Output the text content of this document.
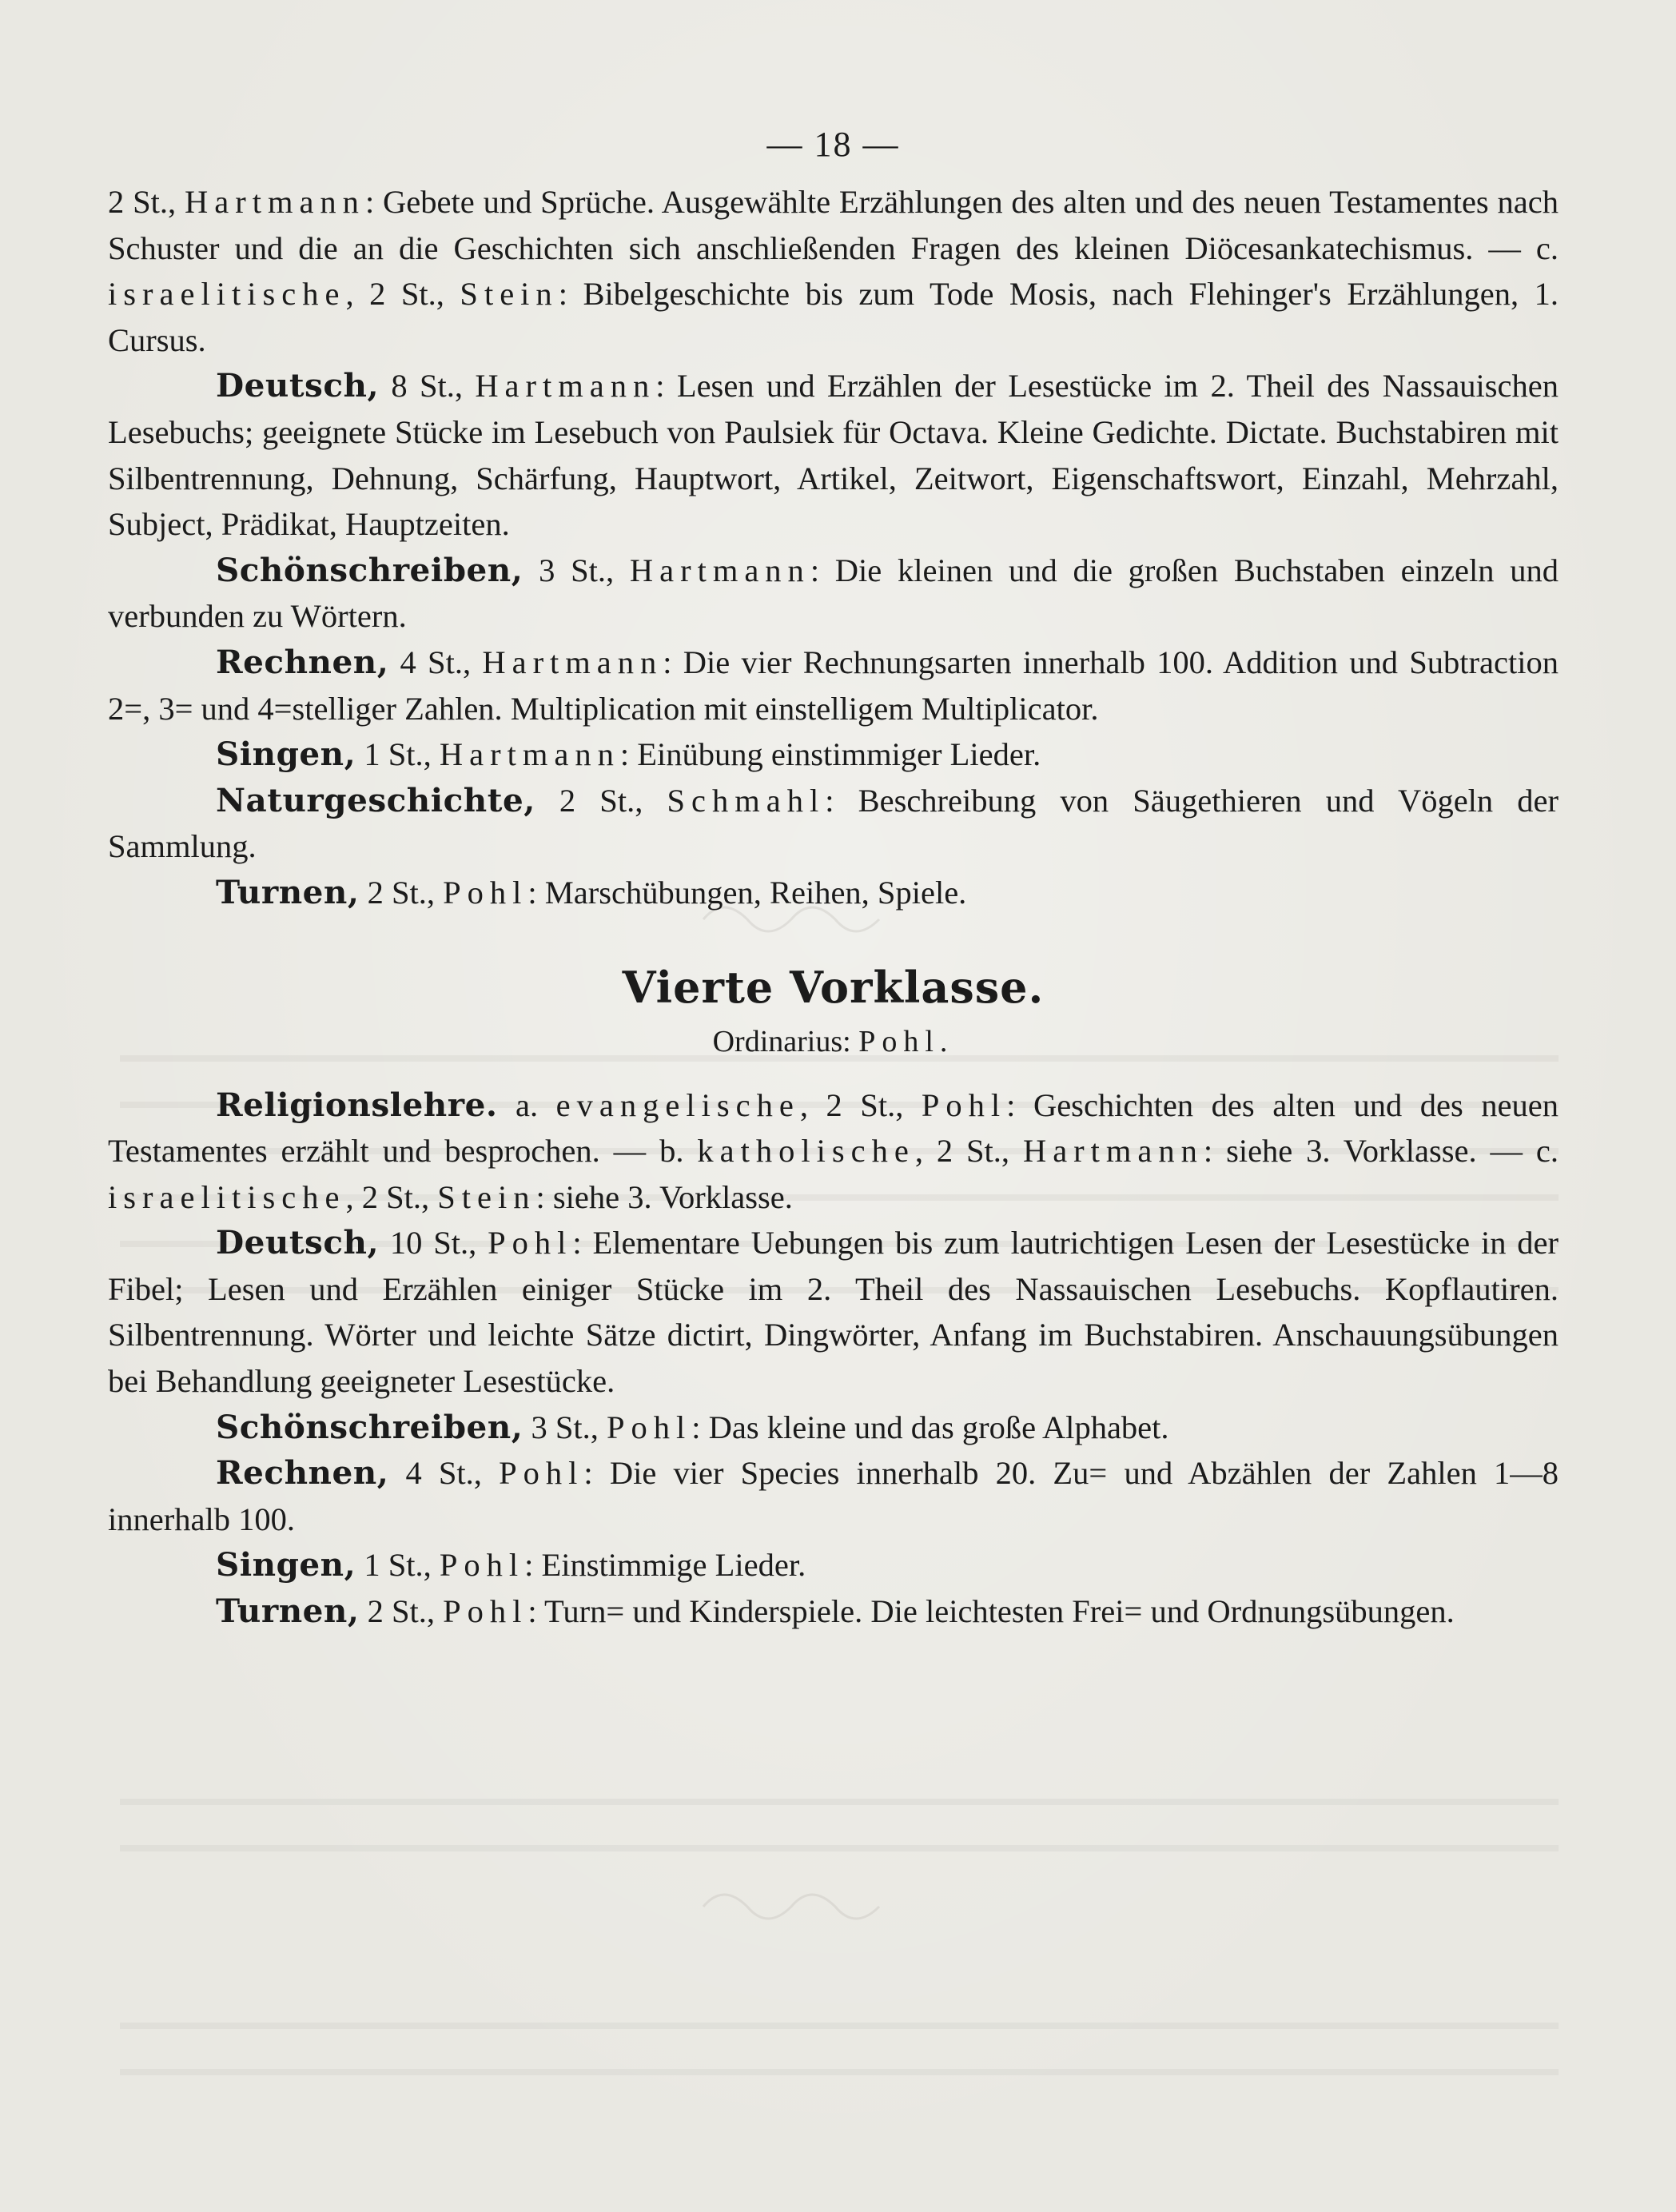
— 18 —

2 St., Hartmann: Gebete und Sprüche. Ausgewählte Erzählungen des alten und des neuen Testamentes nach Schuster und die an die Geschichten sich anschließenden Fragen des kleinen Diöcesankatechismus. — c. israelitische, 2 St., Stein: Bibelgeschichte bis zum Tode Mosis, nach Flehinger's Erzählungen, 1. Cursus.

Deutsch, 8 St., Hartmann: Lesen und Erzählen der Lesestücke im 2. Theil des Nassauischen Lesebuchs; geeignete Stücke im Lesebuch von Paulsiek für Octava. Kleine Gedichte. Dictate. Buchstabiren mit Silbentrennung, Dehnung, Schärfung, Hauptwort, Artikel, Zeitwort, Eigenschaftswort, Einzahl, Mehrzahl, Subject, Prädikat, Hauptzeiten.

Schönschreiben, 3 St., Hartmann: Die kleinen und die großen Buchstaben einzeln und verbunden zu Wörtern.

Rechnen, 4 St., Hartmann: Die vier Rechnungsarten innerhalb 100. Addition und Subtraction 2=, 3= und 4=stelliger Zahlen. Multiplication mit einstelligem Multiplicator.

Singen, 1 St., Hartmann: Einübung einstimmiger Lieder.

Naturgeschichte, 2 St., Schmahl: Beschreibung von Säugethieren und Vögeln der Sammlung.

Turnen, 2 St., Pohl: Marschübungen, Reihen, Spiele.

Vierte Vorklasse.
Ordinarius: Pohl.

Religionslehre. a. evangelische, 2 St., Pohl: Geschichten des alten und des neuen Testamentes erzählt und besprochen. — b. katholische, 2 St., Hartmann: siehe 3. Vorklasse. — c. israelitische, 2 St., Stein: siehe 3. Vorklasse.

Deutsch, 10 St., Pohl: Elementare Uebungen bis zum lautrichtigen Lesen der Lesestücke in der Fibel; Lesen und Erzählen einiger Stücke im 2. Theil des Nassauischen Lesebuchs. Kopflautiren. Silbentrennung. Wörter und leichte Sätze dictirt, Dingwörter, Anfang im Buchstabiren. Anschauungsübungen bei Behandlung geeigneter Lesestücke.

Schönschreiben, 3 St., Pohl: Das kleine und das große Alphabet.

Rechnen, 4 St., Pohl: Die vier Species innerhalb 20. Zu= und Abzählen der Zahlen 1—8 innerhalb 100.

Singen, 1 St., Pohl: Einstimmige Lieder.

Turnen, 2 St., Pohl: Turn= und Kinderspiele. Die leichtesten Frei= und Ordnungsübungen.
